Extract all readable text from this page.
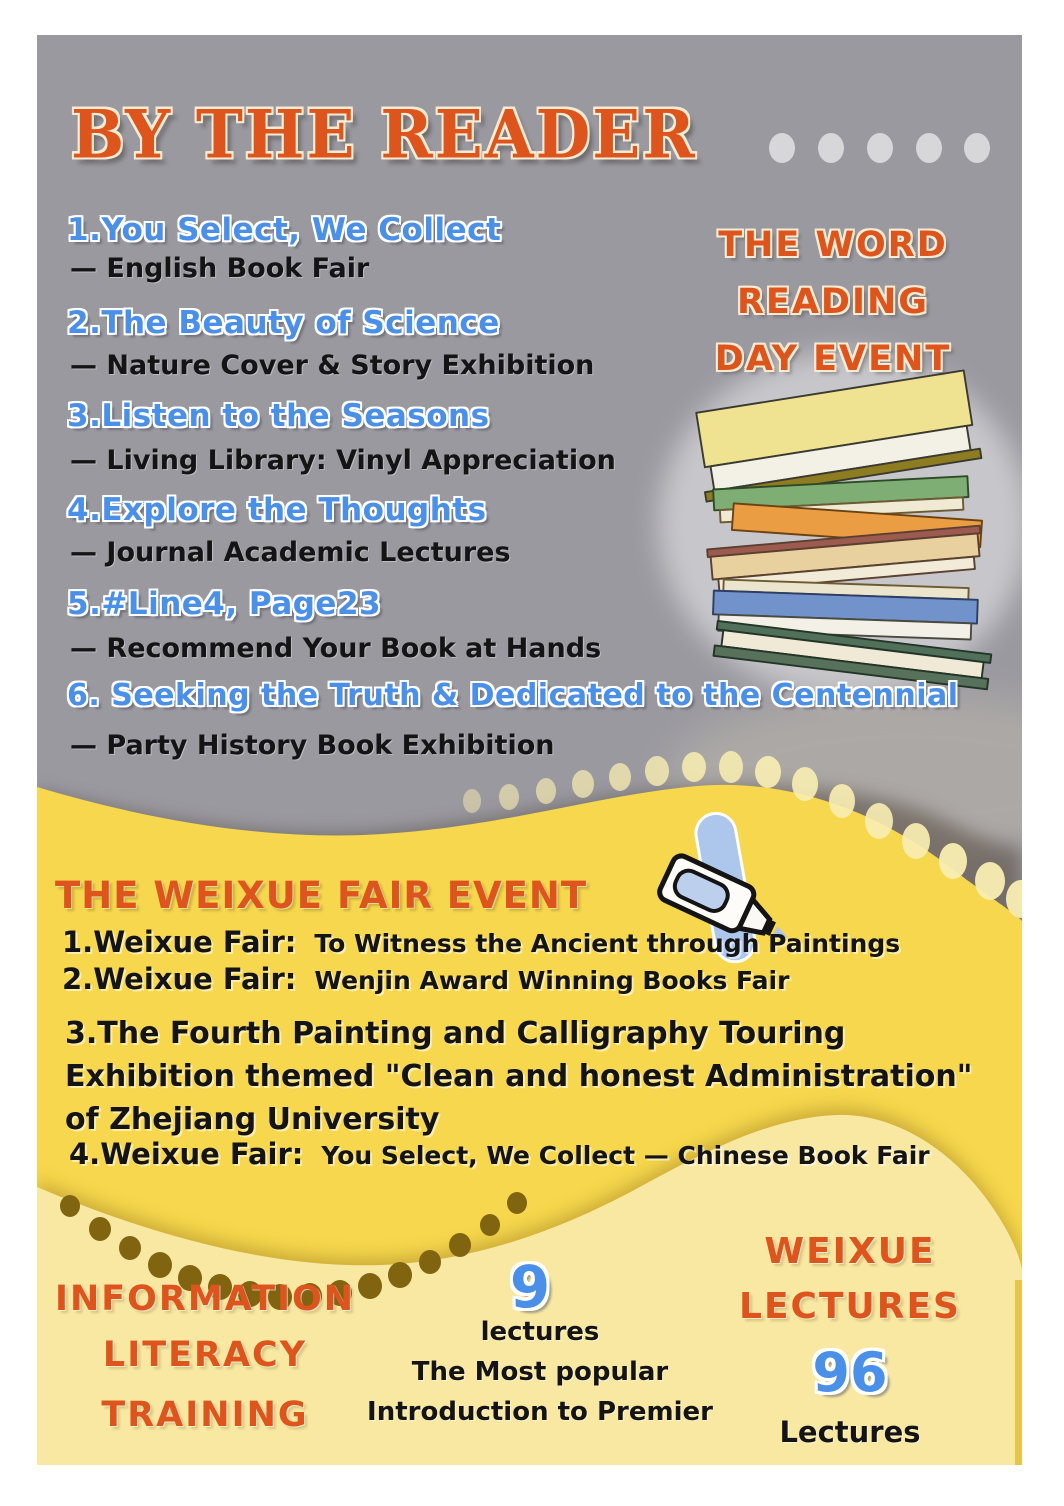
BY THE READER
1.You Select, We Collect
— English Book Fair
2.The Beauty of Science
— Nature Cover & Story Exhibition
3.Listen to the Seasons
— Living Library: Vinyl Appreciation
4.Explore the Thoughts
— Journal Academic Lectures
5.#Line4, Page23
— Recommend Your Book at Hands
6. Seeking the Truth & Dedicated to the Centennial
— Party History Book Exhibition
THE WORD
READING
DAY EVENT
THE WEIXUE FAIR EVENT
1.Weixue Fair: To Witness the Ancient through Paintings
2.Weixue Fair: Wenjin Award Winning Books Fair
3.The Fourth Painting and Calligraphy Touring
Exhibition themed "Clean and honest Administration"
of Zhejiang University
4.Weixue Fair: You Select, We Collect — Chinese Book Fair
INFORMATION
LITERACY
TRAINING
9
lectures
The Most popular
Introduction to Premier
WEIXUE
LECTURES
96
Lectures
